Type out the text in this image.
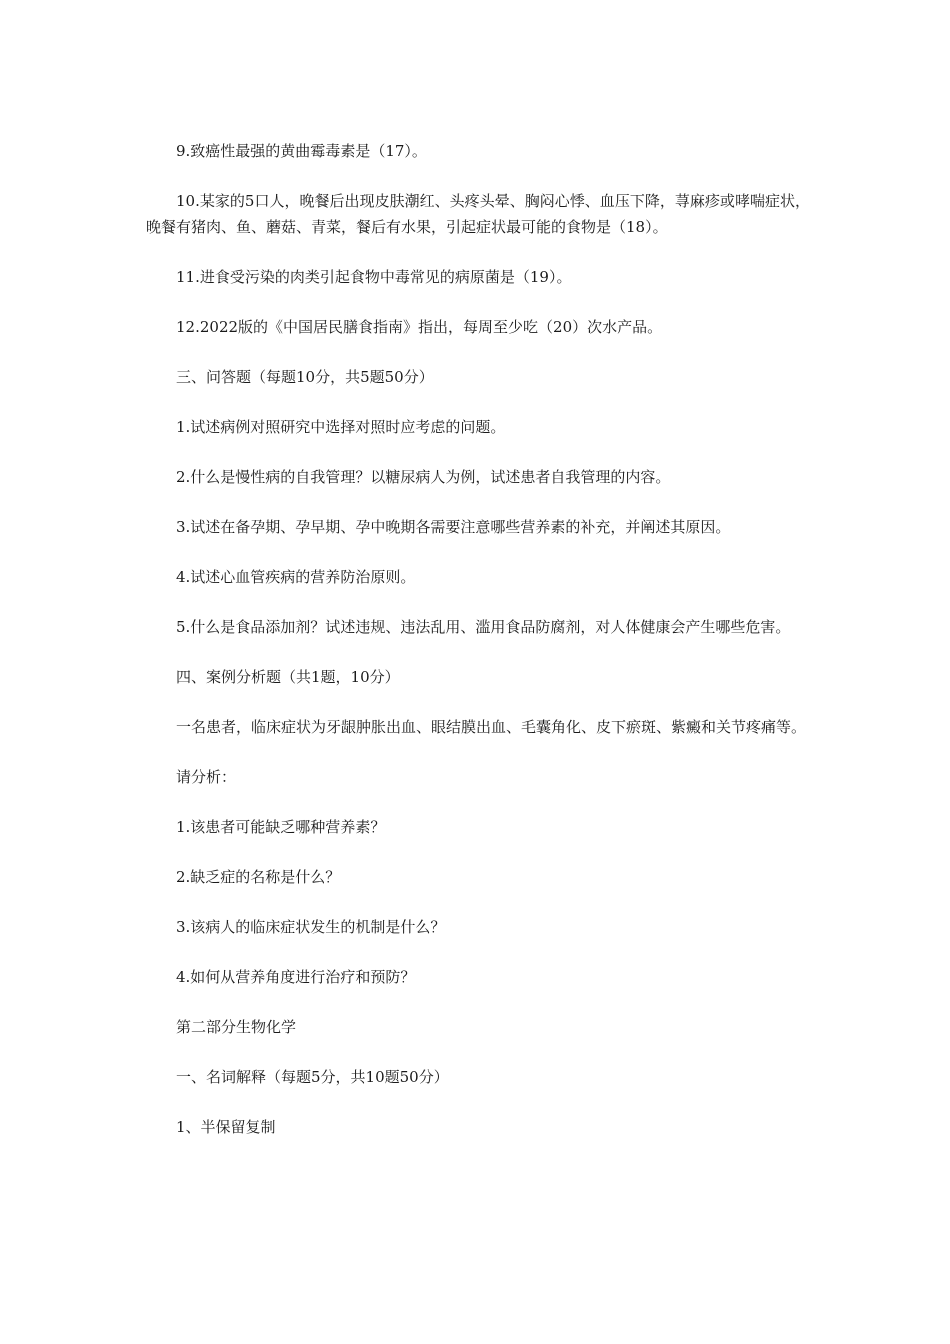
9.致癌性最强的黄曲霉毒素是（17）。

10.某家的5口人，晚餐后出现皮肤潮红、头疼头晕、胸闷心悸、血压下降，荨麻疹或哮喘症状，晚餐有猪肉、鱼、蘑菇、青菜，餐后有水果，引起症状最可能的食物是（18）。

11.进食受污染的肉类引起食物中毒常见的病原菌是（19）。

12.2022版的《中国居民膳食指南》指出，每周至少吃（20）次水产品。

三、问答题（每题10分，共5题50分）

1.试述病例对照研究中选择对照时应考虑的问题。

2.什么是慢性病的自我管理？以糖尿病人为例，试述患者自我管理的内容。

3.试述在备孕期、孕早期、孕中晚期各需要注意哪些营养素的补充，并阐述其原因。

4.试述心血管疾病的营养防治原则。

5.什么是食品添加剂？试述违规、违法乱用、滥用食品防腐剂，对人体健康会产生哪些危害。

四、案例分析题（共1题，10分）

一名患者，临床症状为牙龈肿胀出血、眼结膜出血、毛囊角化、皮下瘀斑、紫癜和关节疼痛等。

请分析：

1.该患者可能缺乏哪种营养素？

2.缺乏症的名称是什么？

3.该病人的临床症状发生的机制是什么？

4.如何从营养角度进行治疗和预防？

第二部分生物化学

一、名词解释（每题5分，共10题50分）

1、半保留复制
